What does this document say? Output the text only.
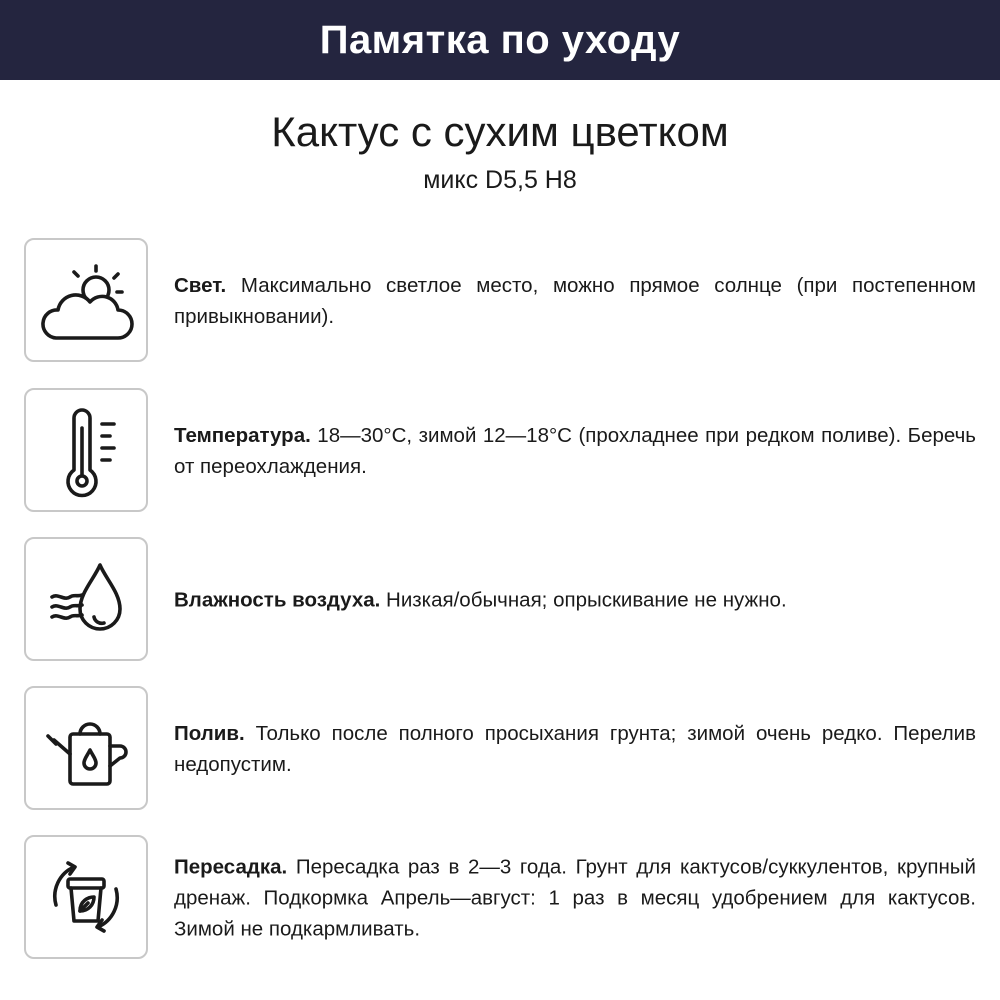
Памятка по уходу
Кактус с сухим цветком
микс D5,5 H8
Свет. Максимально светлое место, можно прямое солнце (при постепенном привыкновании).
Температура. 18—30°C, зимой 12—18°C (прохладнее при редком поливе). Беречь от переохлаждения.
Влажность воздуха. Низкая/обычная; опрыскивание не нужно.
Полив. Только после полного просыхания грунта; зимой очень редко. Перелив недопустим.
Пересадка. Пересадка раз в 2—3 года. Грунт для кактусов/суккулентов, крупный дренаж. Подкормка Апрель—август: 1 раз в месяц удобрением для кактусов. Зимой не подкармливать.
